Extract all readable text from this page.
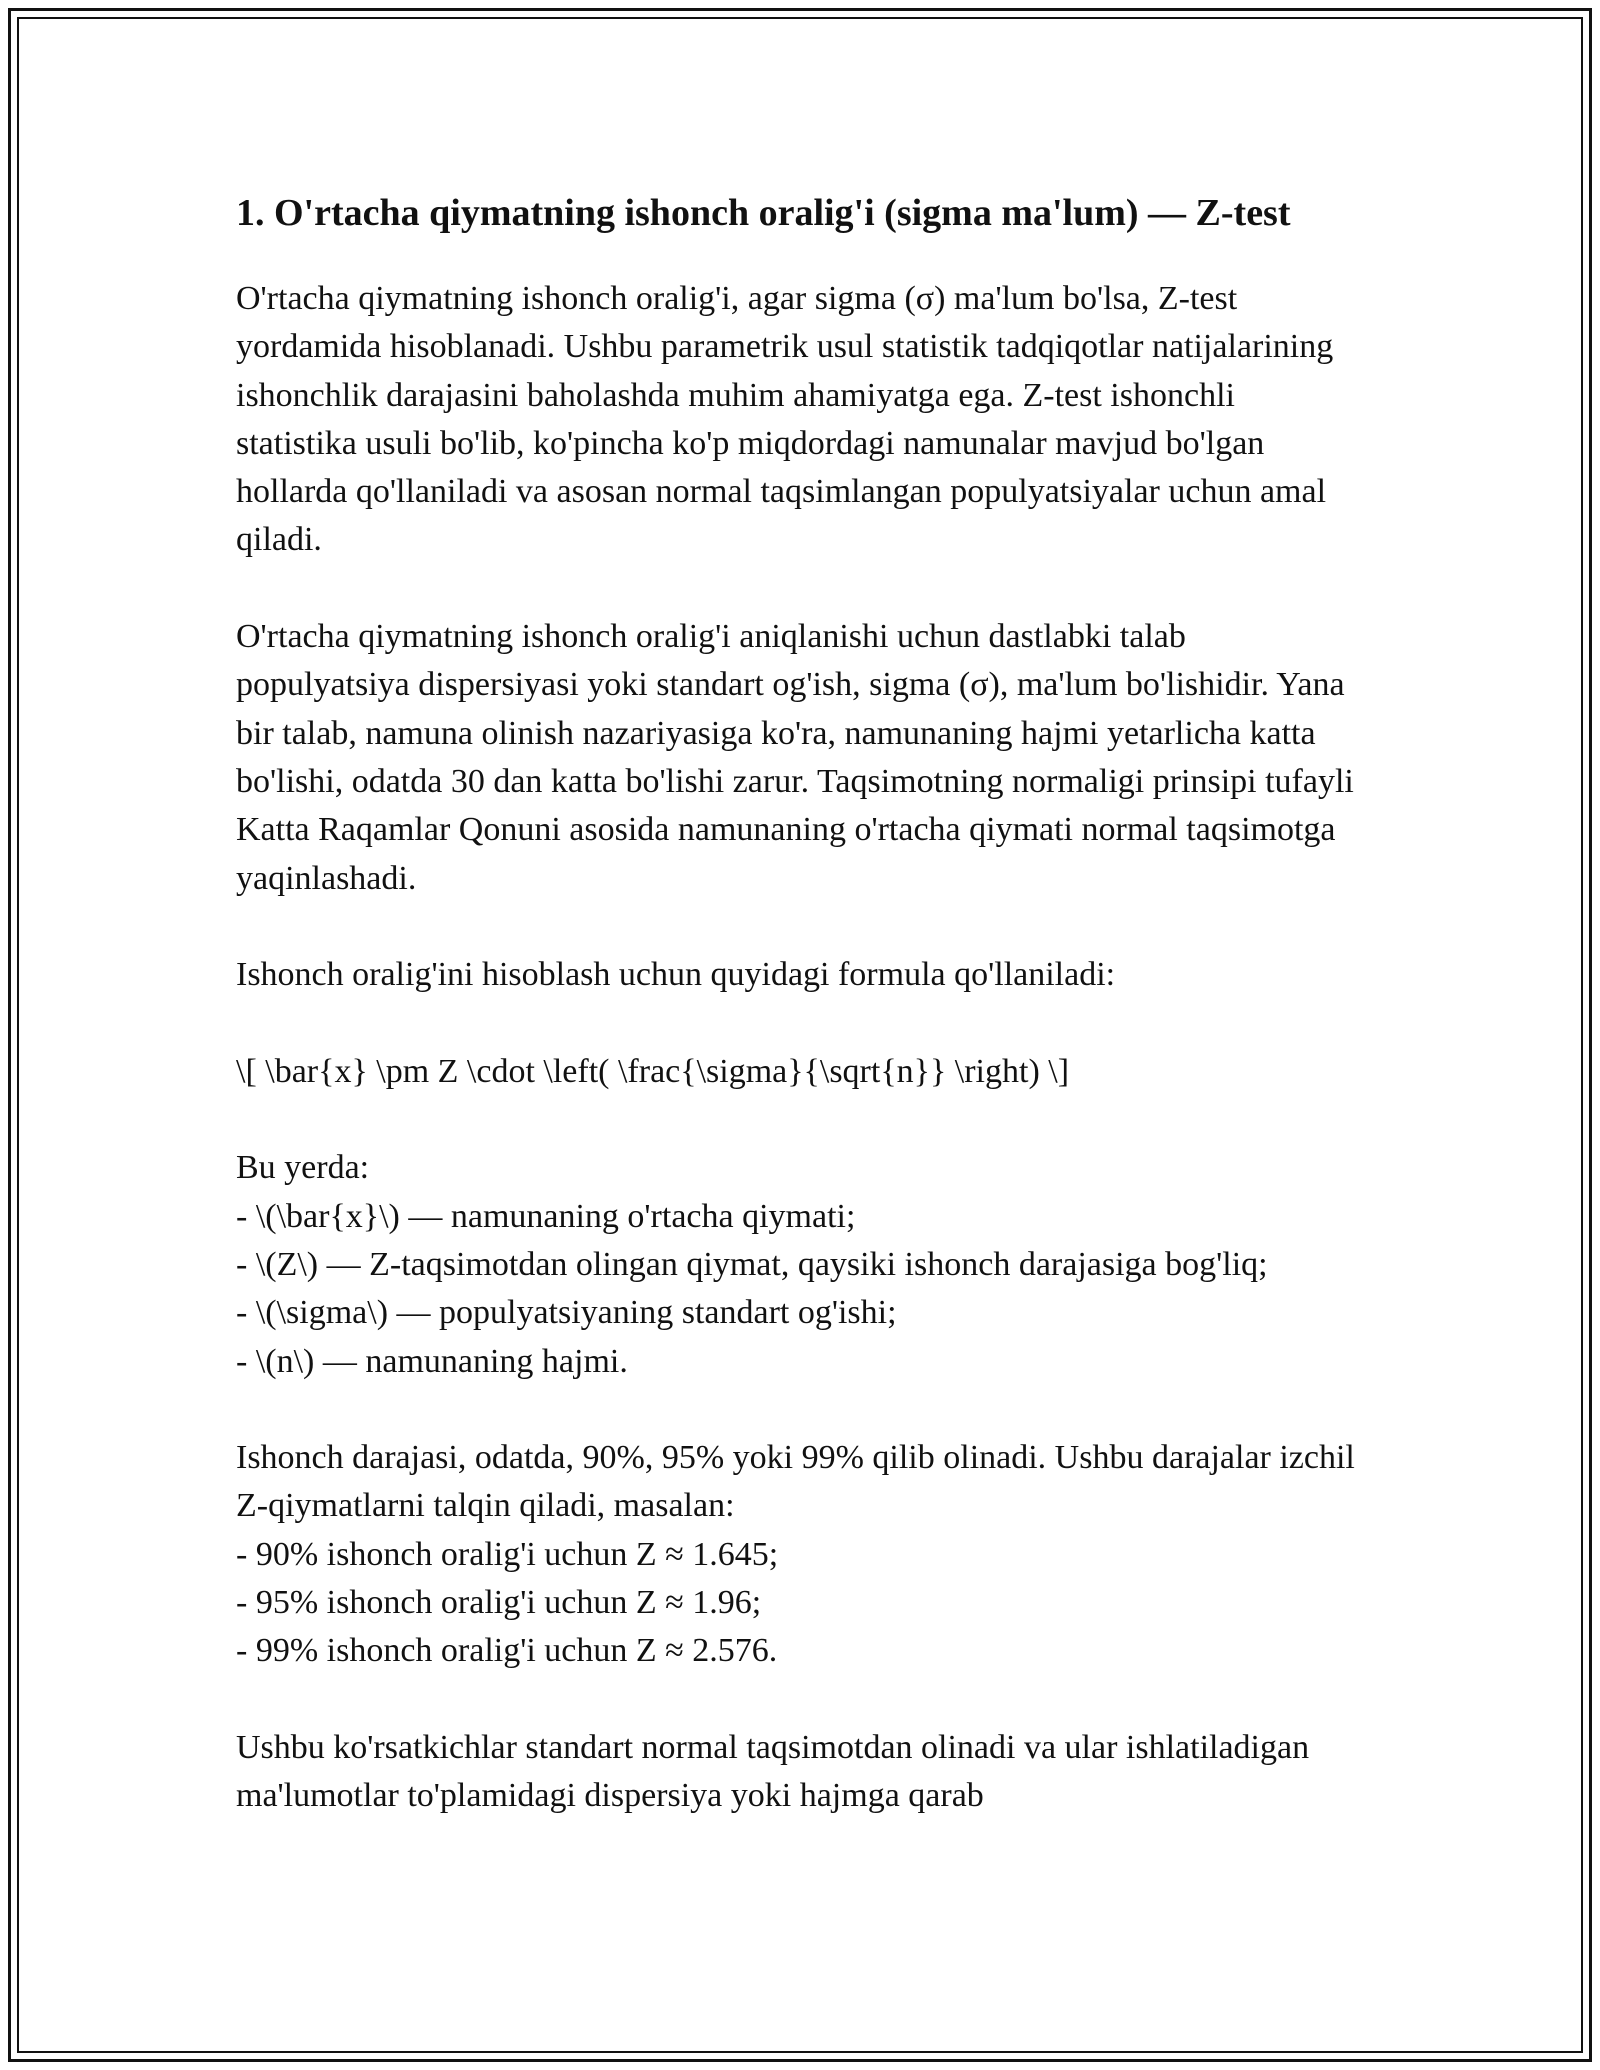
1. O'rtacha qiymatning ishonch oralig'i (sigma ma'lum) — Z-test

O'rtacha qiymatning ishonch oralig'i, agar sigma (σ) ma'lum bo'lsa, Z-test yordamida hisoblanadi. Ushbu parametrik usul statistik tadqiqotlar natijalarining ishonchlik darajasini baholashda muhim ahamiyatga ega. Z-test ishonchli statistika usuli bo'lib, ko'pincha ko'p miqdordagi namunalar mavjud bo'lgan hollarda qo'llaniladi va asosan normal taqsimlangan populyatsiyalar uchun amal qiladi.

O'rtacha qiymatning ishonch oralig'i aniqlanishi uchun dastlabki talab populyatsiya dispersiyasi yoki standart og'ish, sigma (σ), ma'lum bo'lishidir. Yana bir talab, namuna olinish nazariyasiga ko'ra, namunaning hajmi yetarlicha katta bo'lishi, odatda 30 dan katta bo'lishi zarur. Taqsimotning normaligi prinsipi tufayli Katta Raqamlar Qonuni asosida namunaning o'rtacha qiymati normal taqsimotga yaqinlashadi.

Ishonch oralig'ini hisoblash uchun quyidagi formula qo'llaniladi:

\[ \bar{x} \pm Z \cdot \left( \frac{\sigma}{\sqrt{n}} \right) \]

Bu yerda:
- \(\bar{x}\) — namunaning o'rtacha qiymati;
- \(Z\) — Z-taqsimotdan olingan qiymat, qaysiki ishonch darajasiga bog'liq;
- \(\sigma\) — populyatsiyaning standart og'ishi;
- \(n\) — namunaning hajmi.

Ishonch darajasi, odatda, 90%, 95% yoki 99% qilib olinadi. Ushbu darajalar izchil Z-qiymatlarni talqin qiladi, masalan:
- 90% ishonch oralig'i uchun Z ≈ 1.645;
- 95% ishonch oralig'i uchun Z ≈ 1.96;
- 99% ishonch oralig'i uchun Z ≈ 2.576.

Ushbu ko'rsatkichlar standart normal taqsimotdan olinadi va ular ishlatiladigan ma'lumotlar to'plamidagi dispersiya yoki hajmga qarab
